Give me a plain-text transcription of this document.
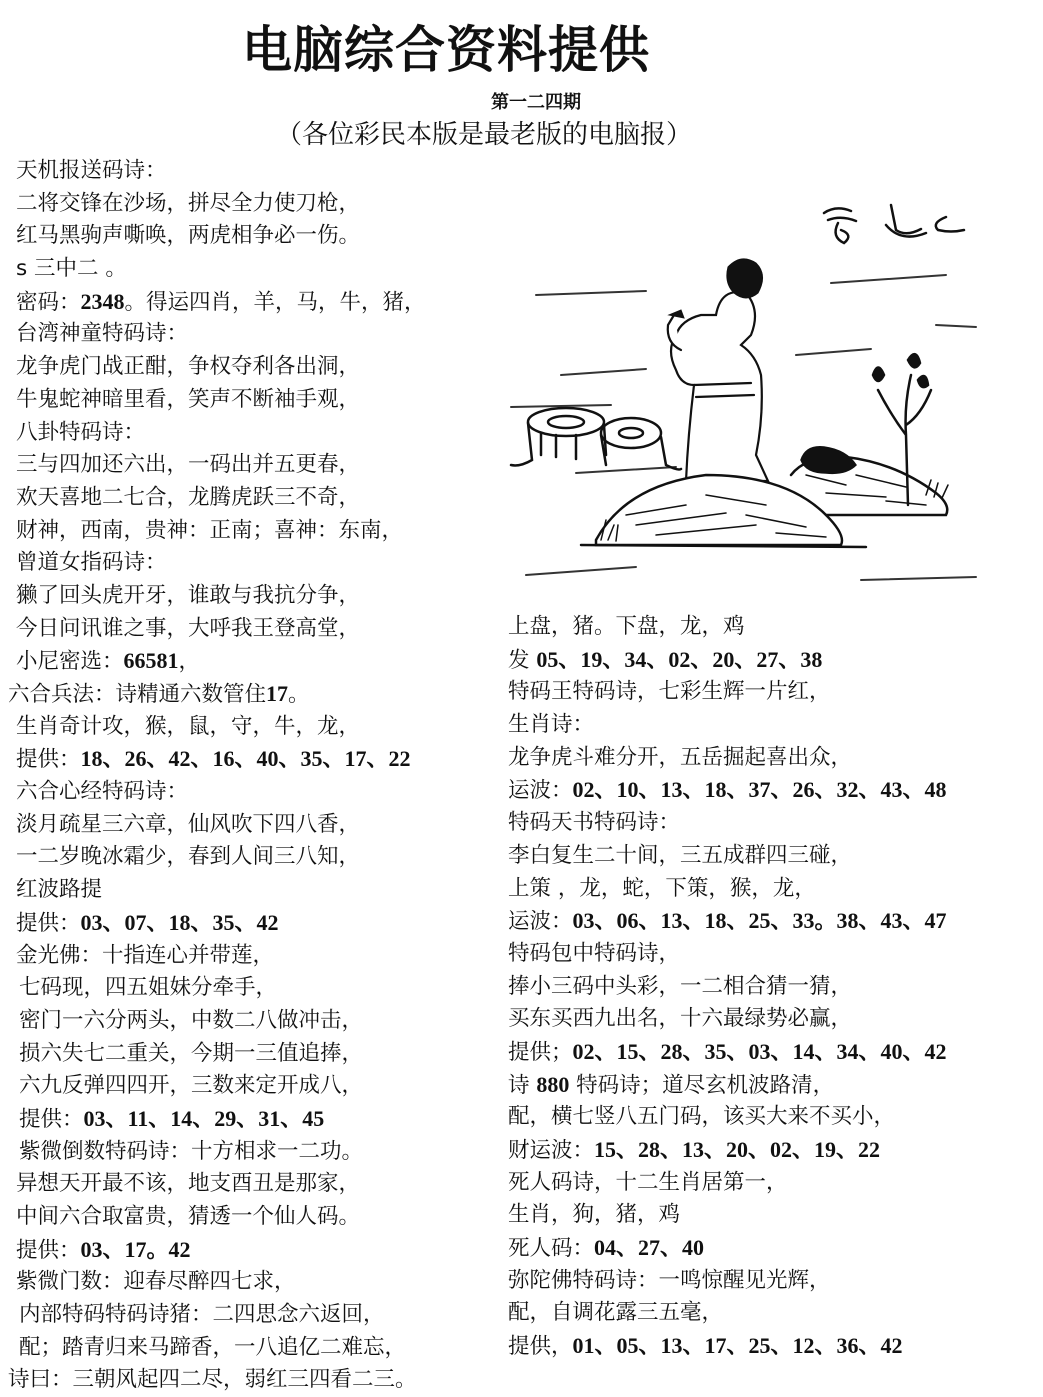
电脑综合资料提供
第一二四期
（各位彩民本版是最老版的电脑报）
天机报送码诗：
二将交锋在沙场，拼尽全力使刀枪，
红马黑驹声嘶唤，两虎相争必一伤。
s 三中二 。
密码：2348。得运四肖，羊，马，牛，猪，
台湾神童特码诗：
龙争虎门战正酣，争权夺利各出洞，
牛鬼蛇神暗里看，笑声不断袖手观，
八卦特码诗：
三与四加还六出，一码出并五更春，
欢天喜地二七合，龙腾虎跃三不奇，
财神，西南，贵神：正南；喜神：东南，
曾道女指码诗：
獭了回头虎开牙，谁敢与我抗分争，
今日问讯谁之事，大呼我王登高堂，
小尼密选：66581，
六合兵法：诗精通六数管住17。
生肖奇计攻，猴，鼠，守，牛，龙，
提供：18、26、42、16、40、35、17、22
六合心经特码诗：
淡月疏星三六章，仙风吹下四八香，
一二岁晚冰霜少，春到人间三八知，
红波路提
提供：03、07、18、35、42
金光佛：十指连心并带莲，
七码现，四五姐妹分牵手，
密门一六分两头，中数二八做冲击，
损六失七二重关，今期一三值追捧，
六九反弹四四开，三数来定开成八，
提供：03、11、14、29、31、45
紫微倒数特码诗：十方相求一二功。
异想天开最不该，地支酉丑是那家，
中间六合取富贵，猜透一个仙人码。
提供：03、17。42
紫微门数：迎春尽醉四七求，
内部特码特码诗猪：二四思念六返回，
配；踏青归来马蹄香，一八追亿二难忘，
诗曰：三朝风起四二尽，弱红三四看二三。
上盘，猪。下盘，龙，鸡
发 05、19、34、02、20、27、38
特码王特码诗，七彩生辉一片红，
生肖诗：
龙争虎斗难分开，五岳掘起喜出众，
运波：02、10、13、18、37、26、32、43、48
特码天书特码诗：
李白复生二十间，三五成群四三碰，
上策 ，龙，蛇，下策，猴，龙，
运波：03、06、13、18、25、33。38、43、47
特码包中特码诗，
捧小三码中头彩，一二相合猜一猜，
买东买西九出名，十六最绿势必赢，
提供；02、15、28、35、03、14、34、40、42
诗 880 特码诗；道尽玄机波路清，
配，横七竖八五门码，该买大来不买小，
财运波：15、28、13、20、02、19、22
死人码诗，十二生肖居第一，
生肖，狗，猪，鸡
死人码：04、27、40
弥陀佛特码诗：一鸣惊醒见光辉，
配，自调花露三五毫，
提供，01、05、13、17、25、12、36、42
